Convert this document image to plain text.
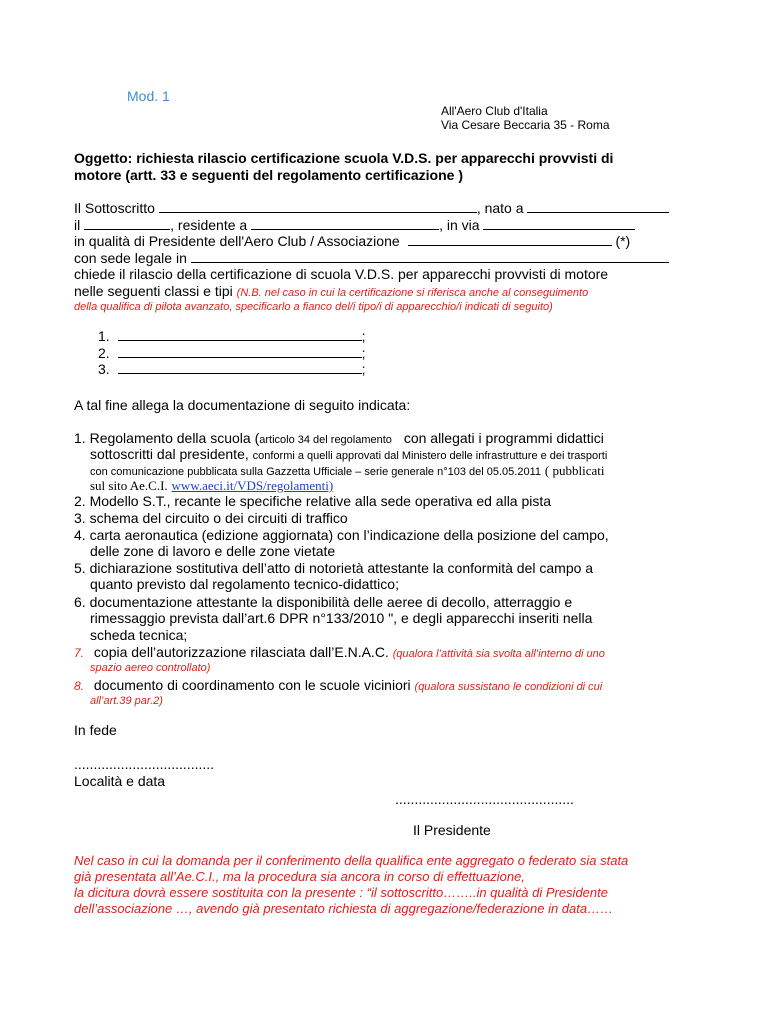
Mod. 1
All'Aero Club d'Italia
Via Cesare Beccaria 35 - Roma
Oggetto: richiesta rilascio certificazione scuola V.D.S. per apparecchi provvisti di
motore (artt. 33 e seguenti del regolamento certificazione )
Il Sottoscritto	, nato a
il	, residente a	, in via
in qualità di Presidente dell'Aero Club / Associazione	(*)
con sede legale in
chiede il rilascio della certificazione di scuola V.D.S. per apparecchi provvisti di motore
nelle seguenti classi e tipi (N.B. nel caso in cui la certificazione si riferisca anche al conseguimento
della qualifica di pilota avanzato, specificarlo a fianco del/i tipo/i di apparecchio/i indicati di seguito)
1.	;
2.	;
3.	;
A tal fine allega la documentazione di seguito indicata:
1. Regolamento della scuola (articolo 34 del regolamento con allegati i programmi didattici
sottoscritti dal presidente, conformi a quelli approvati dal Ministero delle infrastrutture e dei trasporti
con comunicazione pubblicata sulla Gazzetta Ufficiale – serie generale n°103 del 05.05.2011 ( pubblicati
sul sito Ae.C.I. www.aeci.it/VDS/regolamenti)
2. Modello S.T., recante le specifiche relative alla sede operativa ed alla pista
3. schema del circuito o dei circuiti di traffico
4. carta aeronautica (edizione aggiornata) con l’indicazione della posizione del campo,
delle zone di lavoro e delle zone vietate
5. dichiarazione sostitutiva dell’atto di notorietà attestante la conformità del campo a
quanto previsto dal regolamento tecnico-didattico;
6. documentazione attestante la disponibilità delle aeree di decollo, atterraggio e
rimessaggio prevista dall’art.6 DPR n°133/2010 ", e degli apparecchi inseriti nella
scheda tecnica;
7. copia dell’autorizzazione rilasciata dall’E.N.A.C. (qualora l’attività sia svolta all’interno di uno
spazio aereo controllato)
8. documento di coordinamento con le scuole viciniori (qualora sussistano le condizioni di cui
all’art.39 par.2)
In fede
....................................
Località e data
..............................................
Il Presidente
Nel caso in cui la domanda per il conferimento della qualifica ente aggregato o federato sia stata
già presentata all’Ae.C.I., ma la procedura sia ancora in corso di effettuazione,
la dicitura dovrà essere sostituita con la presente : “il sottoscritto……..in qualità di Presidente
dell’associazione …, avendo già presentato richiesta di aggregazione/federazione in data……
